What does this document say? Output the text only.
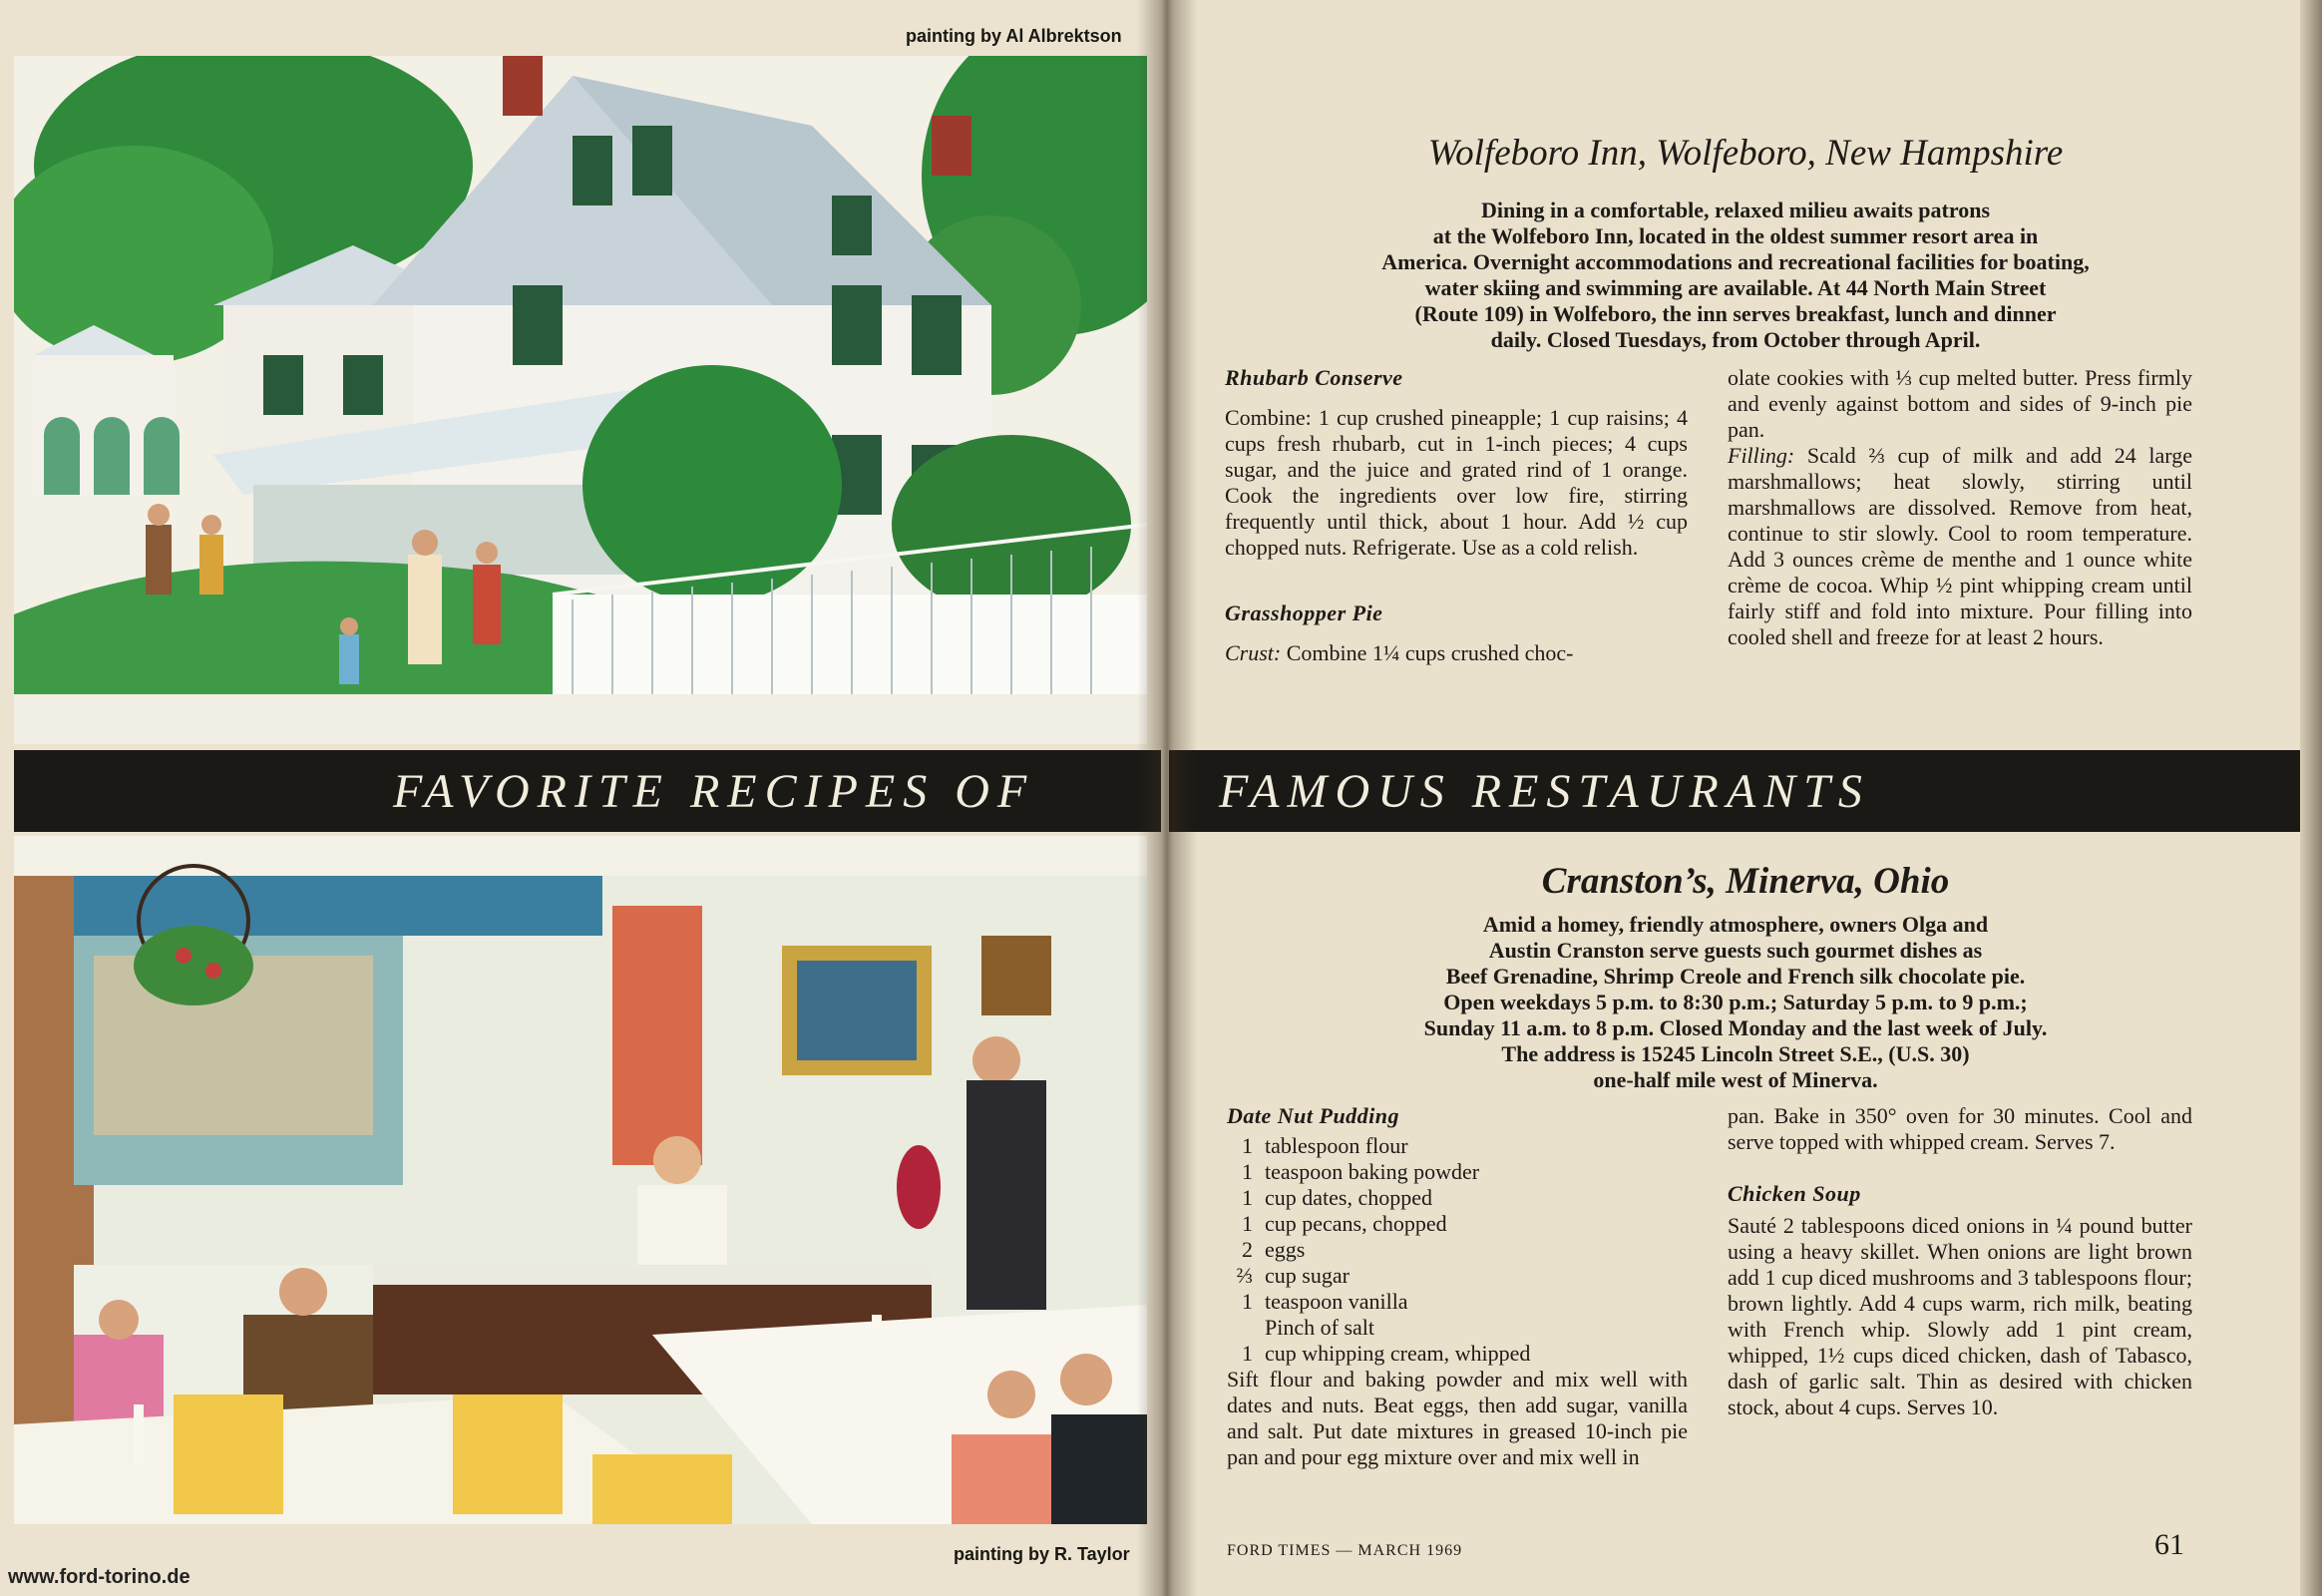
painting by Al Albrektson
FAVORITE RECIPES OF	FAMOUS RESTAURANTS
painting by R. Taylor
www.ford-torino.de
Wolfeboro Inn, Wolfeboro, New Hampshire
Dining in a comfortable, relaxed milieu awaits patrons
at the Wolfeboro Inn, located in the oldest summer resort area in
America. Overnight accommodations and recreational facilities for boating,
water skiing and swimming are available. At 44 North Main Street
(Route 109) in Wolfeboro, the inn serves breakfast, lunch and dinner
daily. Closed Tuesdays, from October through April.
Rhubarb Conserve

Combine: 1 cup crushed pineapple; 1 cup raisins; 4 cups fresh rhubarb, cut in 1-inch pieces; 4 cups sugar, and the juice and grated rind of 1 orange. Cook the ingredients over low fire, stirring frequently until thick, about 1 hour. Add ½ cup chopped nuts. Refrigerate. Use as a cold relish.

Grasshopper Pie

Crust: Combine 1¼ cups crushed choc-

olate cookies with ⅓ cup melted butter. Press firmly and evenly against bottom and sides of 9-inch pie pan.

Filling: Scald ⅔ cup of milk and add 24 large marshmallows; heat slowly, stirring until marshmallows are dissolved. Remove from heat, continue to stir slowly. Cool to room temperature. Add 3 ounces crème de menthe and 1 ounce white crème de cocoa. Whip ½ pint whipping cream until fairly stiff and fold into mixture. Pour filling into cooled shell and freeze for at least 2 hours.

Cranston’s, Minerva, Ohio
Amid a homey, friendly atmosphere, owners Olga and
Austin Cranston serve guests such gourmet dishes as
Beef Grenadine, Shrimp Creole and French silk chocolate pie.
Open weekdays 5 p.m. to 8:30 p.m.; Saturday 5 p.m. to 9 p.m.;
Sunday 11 a.m. to 8 p.m. Closed Monday and the last week of July.
The address is 15245 Lincoln Street S.E., (U.S. 30)
one-half mile west of Minerva.
Date Nut Pudding
1 tablespoon flour
1 teaspoon baking powder
1 cup dates, chopped
1 cup pecans, chopped
2 eggs
⅔ cup sugar
1 teaspoon vanilla
Pinch of salt
1 cup whipping cream, whipped

Sift flour and baking powder and mix well with dates and nuts. Beat eggs, then add sugar, vanilla and salt. Put date mixtures in greased 10-inch pie pan and pour egg mixture over and mix well in

pan. Bake in 350° oven for 30 minutes. Cool and serve topped with whipped cream. Serves 7.

Chicken Soup

Sauté 2 tablespoons diced onions in ¼ pound butter using a heavy skillet. When onions are light brown add 1 cup diced mushrooms and 3 tablespoons flour; brown lightly. Add 4 cups warm, rich milk, beating with French whip. Slowly add 1 pint cream, whipped, 1½ cups diced chicken, dash of Tabasco, dash of garlic salt. Thin as desired with chicken stock, about 4 cups. Serves 10.

FORD TIMES — MARCH 1969	61
